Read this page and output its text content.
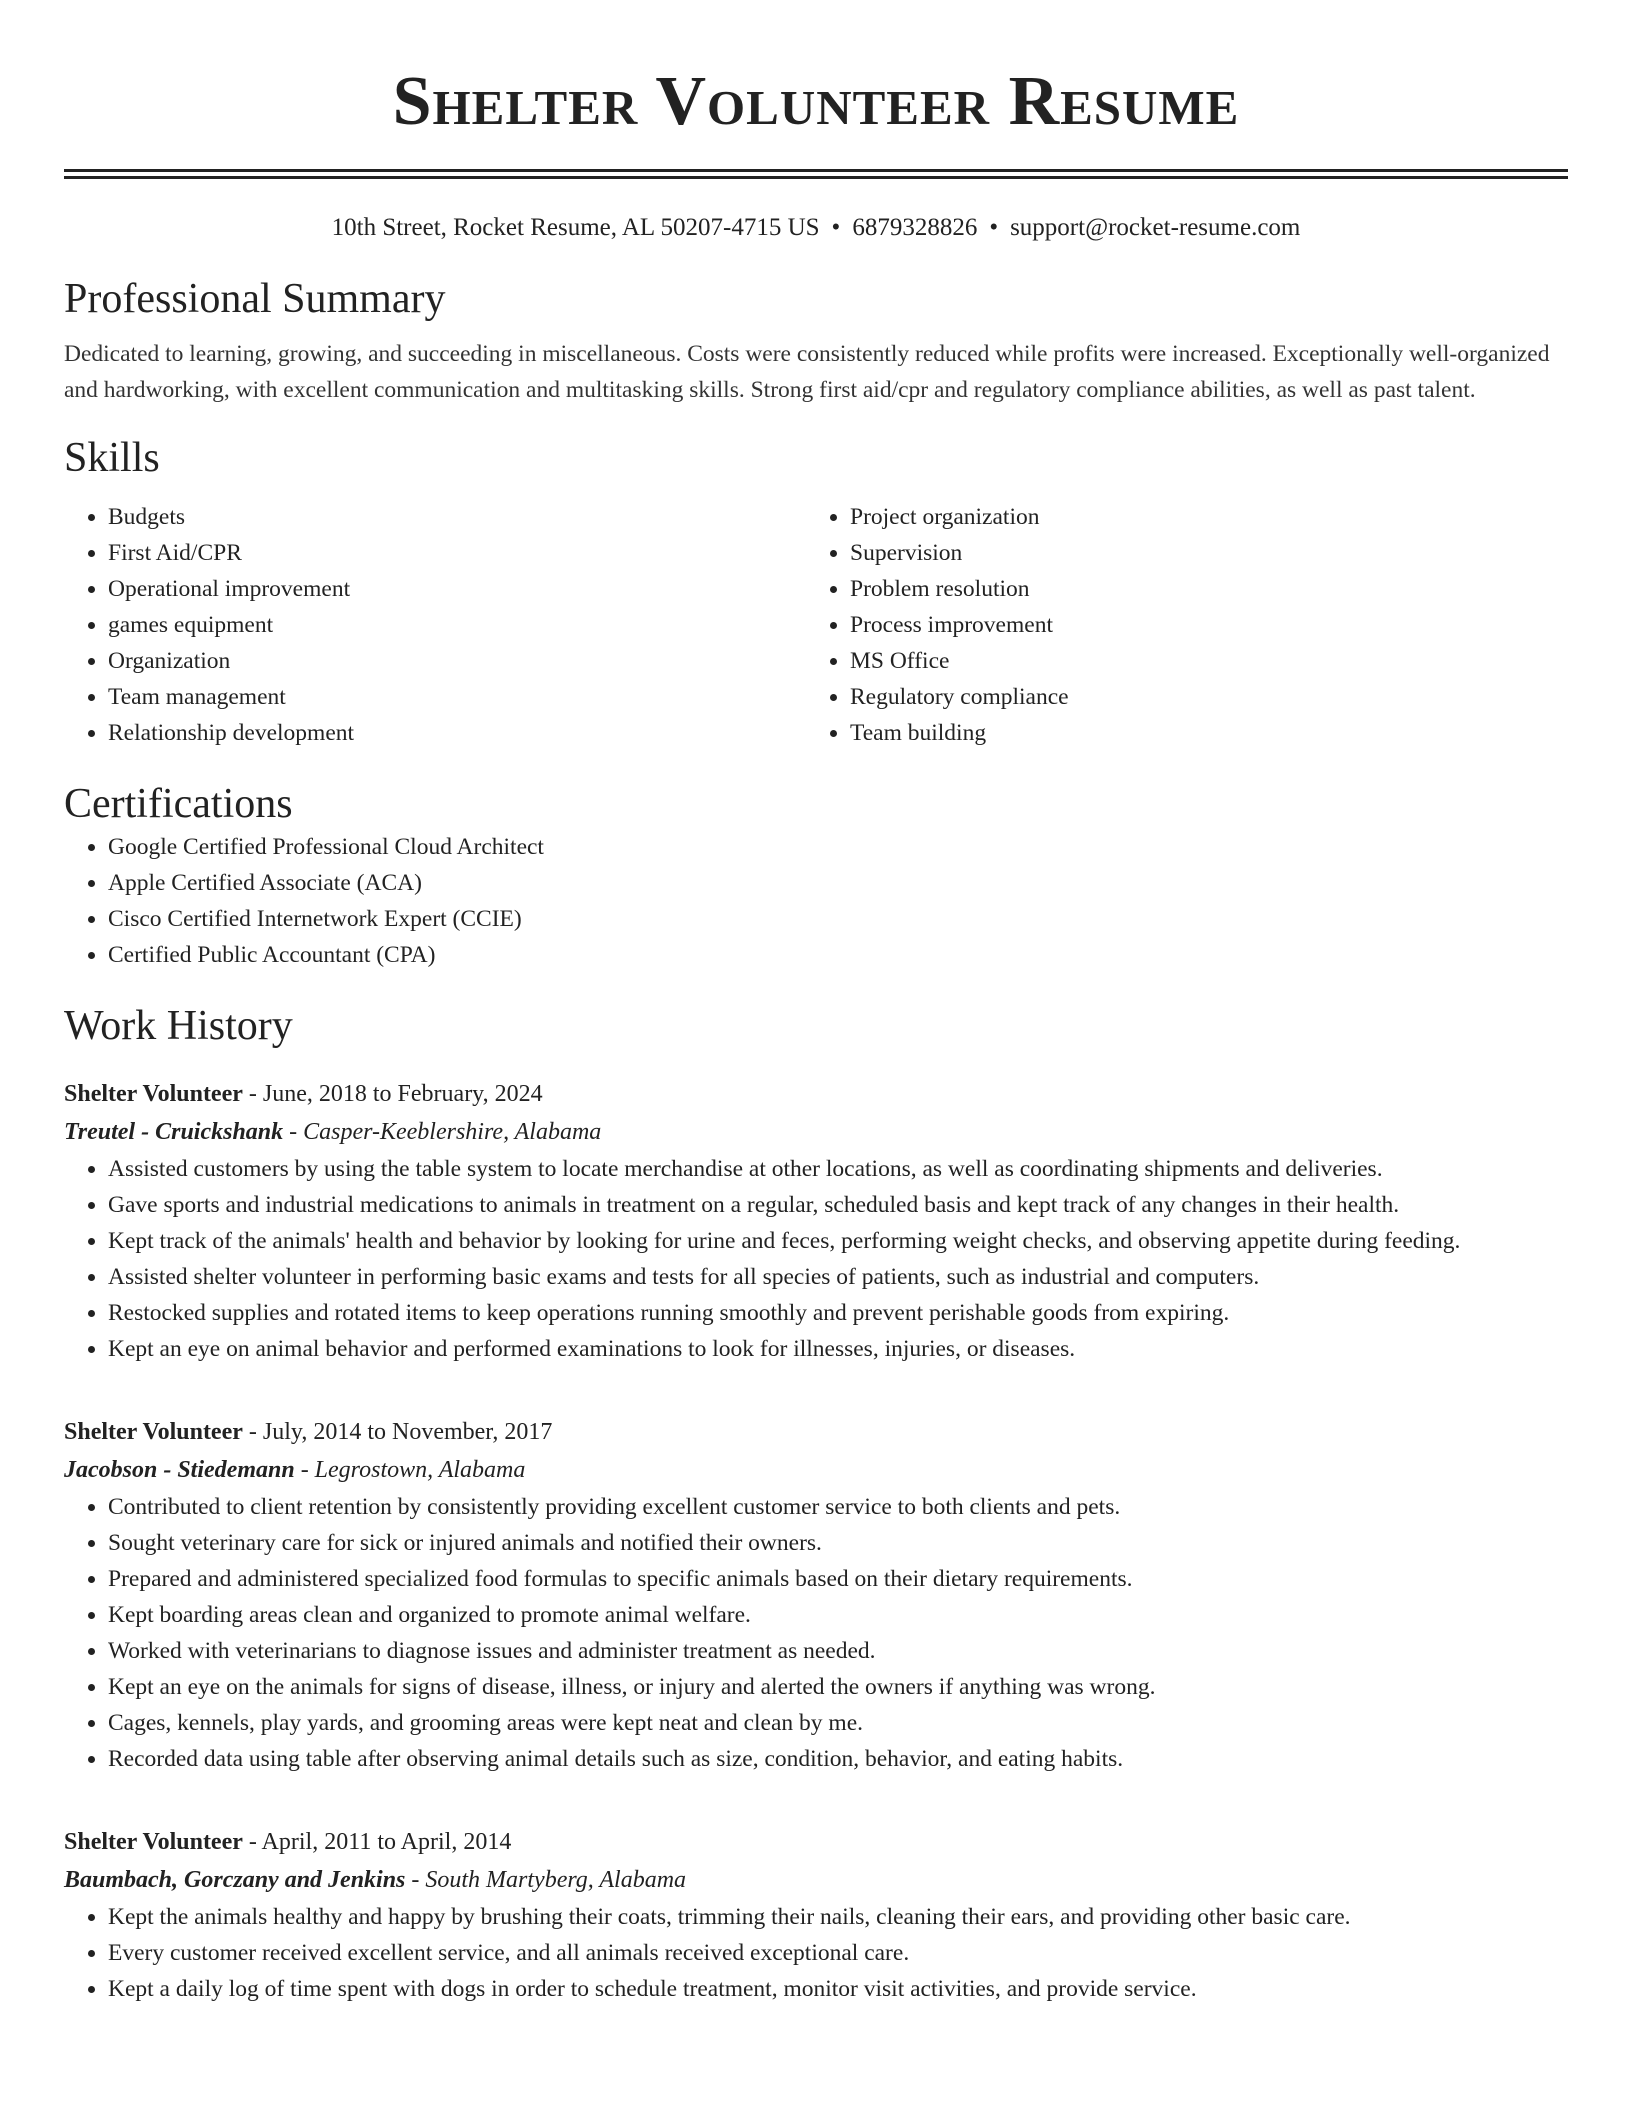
Shelter Volunteer Resume
10th Street, Rocket Resume, AL 50207-4715 US • 6879328826 • support@rocket-resume.com
Professional Summary
Dedicated to learning, growing, and succeeding in miscellaneous. Costs were consistently reduced while profits were increased. Exceptionally well-organized and hardworking, with excellent communication and multitasking skills. Strong first aid/cpr and regulatory compliance abilities, as well as past talent.
Skills
• Budgets
• First Aid/CPR
• Operational improvement
• games equipment
• Organization
• Team management
• Relationship development
• Project organization
• Supervision
• Problem resolution
• Process improvement
• MS Office
• Regulatory compliance
• Team building
Certifications
• Google Certified Professional Cloud Architect
• Apple Certified Associate (ACA)
• Cisco Certified Internetwork Expert (CCIE)
• Certified Public Accountant (CPA)
Work History
Shelter Volunteer - June, 2018 to February, 2024
Treutel - Cruickshank - Casper-Keeblershire, Alabama
• Assisted customers by using the table system to locate merchandise at other locations, as well as coordinating shipments and deliveries.
• Gave sports and industrial medications to animals in treatment on a regular, scheduled basis and kept track of any changes in their health.
• Kept track of the animals' health and behavior by looking for urine and feces, performing weight checks, and observing appetite during feeding.
• Assisted shelter volunteer in performing basic exams and tests for all species of patients, such as industrial and computers.
• Restocked supplies and rotated items to keep operations running smoothly and prevent perishable goods from expiring.
• Kept an eye on animal behavior and performed examinations to look for illnesses, injuries, or diseases.
Shelter Volunteer - July, 2014 to November, 2017
Jacobson - Stiedemann - Legrostown, Alabama
• Contributed to client retention by consistently providing excellent customer service to both clients and pets.
• Sought veterinary care for sick or injured animals and notified their owners.
• Prepared and administered specialized food formulas to specific animals based on their dietary requirements.
• Kept boarding areas clean and organized to promote animal welfare.
• Worked with veterinarians to diagnose issues and administer treatment as needed.
• Kept an eye on the animals for signs of disease, illness, or injury and alerted the owners if anything was wrong.
• Cages, kennels, play yards, and grooming areas were kept neat and clean by me.
• Recorded data using table after observing animal details such as size, condition, behavior, and eating habits.
Shelter Volunteer - April, 2011 to April, 2014
Baumbach, Gorczany and Jenkins - South Martyberg, Alabama
• Kept the animals healthy and happy by brushing their coats, trimming their nails, cleaning their ears, and providing other basic care.
• Every customer received excellent service, and all animals received exceptional care.
• Kept a daily log of time spent with dogs in order to schedule treatment, monitor visit activities, and provide service.
